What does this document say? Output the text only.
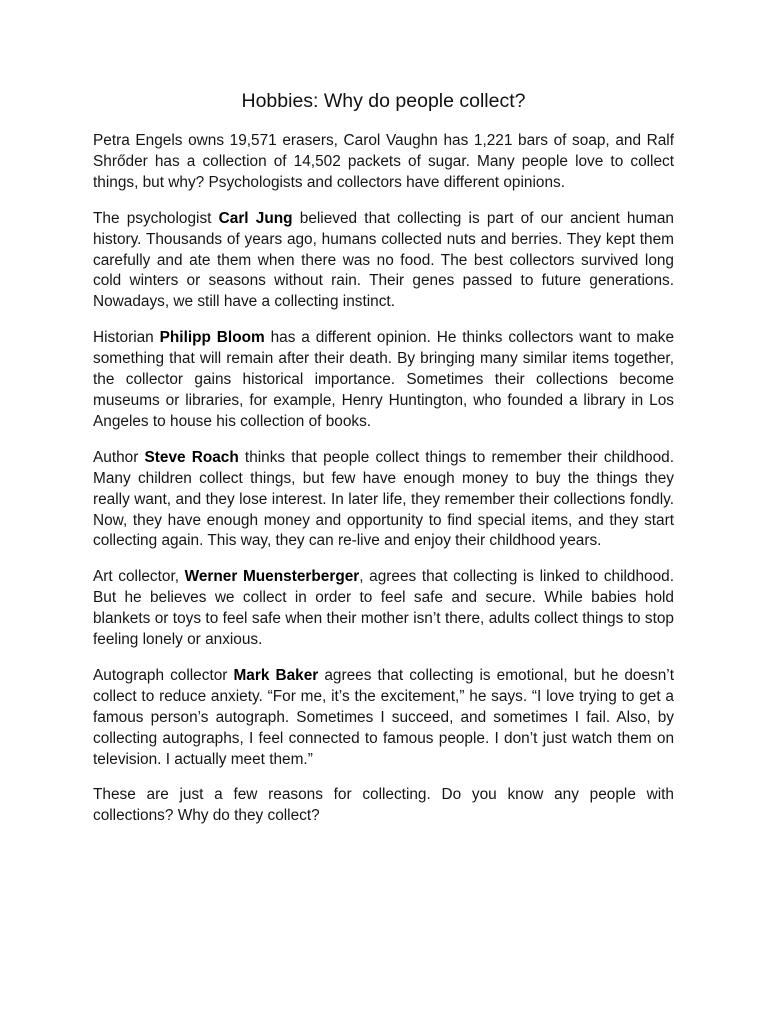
Hobbies: Why do people collect?

Petra Engels owns 19,571 erasers, Carol Vaughn has 1,221 bars of soap, and Ralf Shrőder has a collection of 14,502 packets of sugar. Many people love to collect things, but why? Psychologists and collectors have different opinions.

The psychologist Carl Jung believed that collecting is part of our ancient human history. Thousands of years ago, humans collected nuts and berries. They kept them carefully and ate them when there was no food. The best collectors survived long cold winters or seasons without rain. Their genes passed to future generations. Nowadays, we still have a collecting instinct.

Historian Philipp Bloom has a different opinion. He thinks collectors want to make something that will remain after their death. By bringing many similar items together, the collector gains historical importance. Sometimes their collections become museums or libraries, for example, Henry Huntington, who founded a library in Los Angeles to house his collection of books.

Author Steve Roach thinks that people collect things to remember their childhood. Many children collect things, but few have enough money to buy the things they really want, and they lose interest. In later life, they remember their collections fondly. Now, they have enough money and opportunity to find special items, and they start collecting again. This way, they can re-live and enjoy their childhood years.

Art collector, Werner Muensterberger, agrees that collecting is linked to childhood. But he believes we collect in order to feel safe and secure. While babies hold blankets or toys to feel safe when their mother isn’t there, adults collect things to stop feeling lonely or anxious.

Autograph collector Mark Baker agrees that collecting is emotional, but he doesn’t collect to reduce anxiety. “For me, it’s the excitement,” he says. “I love trying to get a famous person’s autograph. Sometimes I succeed, and sometimes I fail. Also, by collecting autographs, I feel connected to famous people. I don’t just watch them on television. I actually meet them.”

These are just a few reasons for collecting. Do you know any people with collections? Why do they collect?
